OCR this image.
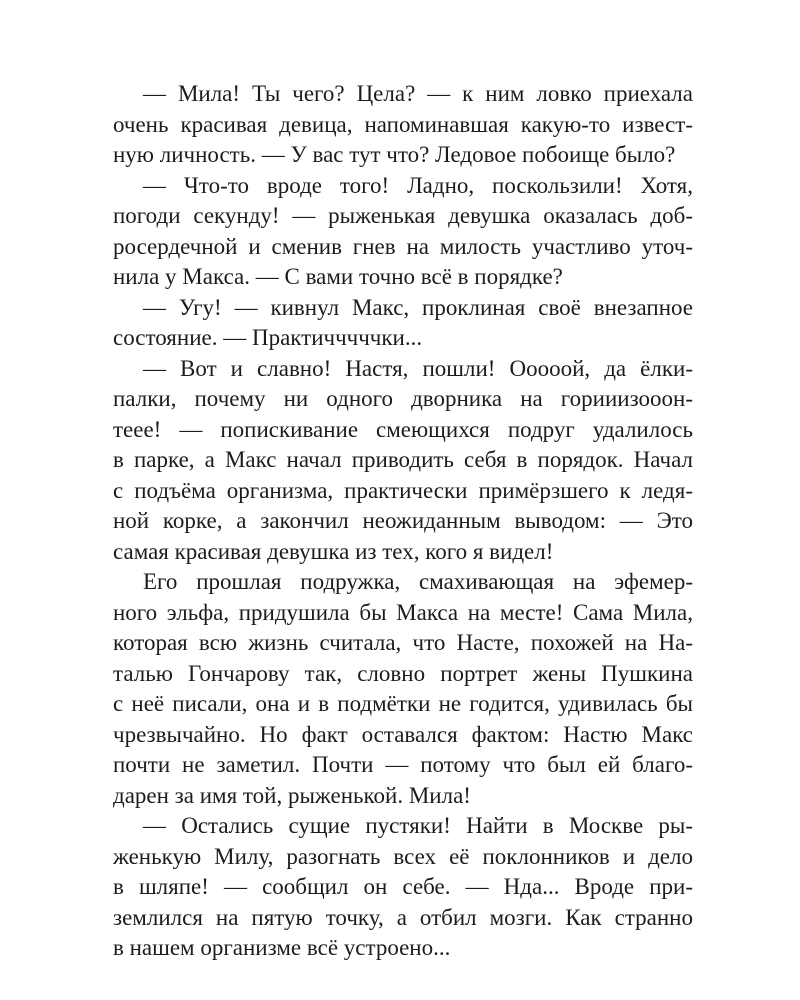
— Мила! Ты чего? Цела? — к ним ловко приехала
очень красивая девица, напоминавшая какую-то извест-
ную личность. — У вас тут что? Ледовое побоище было?
— Что-то вроде того! Ладно, поскользили! Хотя,
погоди секунду! — рыженькая девушка оказалась доб-
росердечной и сменив гнев на милость участливо уточ-
нила у Макса. — С вами точно всё в порядке?
— Угу! — кивнул Макс, проклиная своё внезапное
состояние. — Практичччччки...
— Вот и славно! Настя, пошли! Ооооой, да ёлки-
палки, почему ни одного дворника на горииизооон-
теее! — попискивание смеющихся подруг удалилось
в парке, а Макс начал приводить себя в порядок. Начал
с подъёма организма, практически примёрзшего к ледя-
ной корке, а закончил неожиданным выводом: — Это
самая красивая девушка из тех, кого я видел!
Его прошлая подружка, смахивающая на эфемер-
ного эльфа, придушила бы Макса на месте! Сама Мила,
которая всю жизнь считала, что Насте, похожей на На-
талью Гончарову так, словно портрет жены Пушкина
с неё писали, она и в подмётки не годится, удивилась бы
чрезвычайно. Но факт оставался фактом: Настю Макс
почти не заметил. Почти — потому что был ей благо-
дарен за имя той, рыженькой. Мила!
— Остались сущие пустяки! Найти в Москве ры-
женькую Милу, разогнать всех её поклонников и дело
в шляпе! — сообщил он себе. — Нда... Вроде при-
землился на пятую точку, а отбил мозги. Как странно
в нашем организме всё устроено...
